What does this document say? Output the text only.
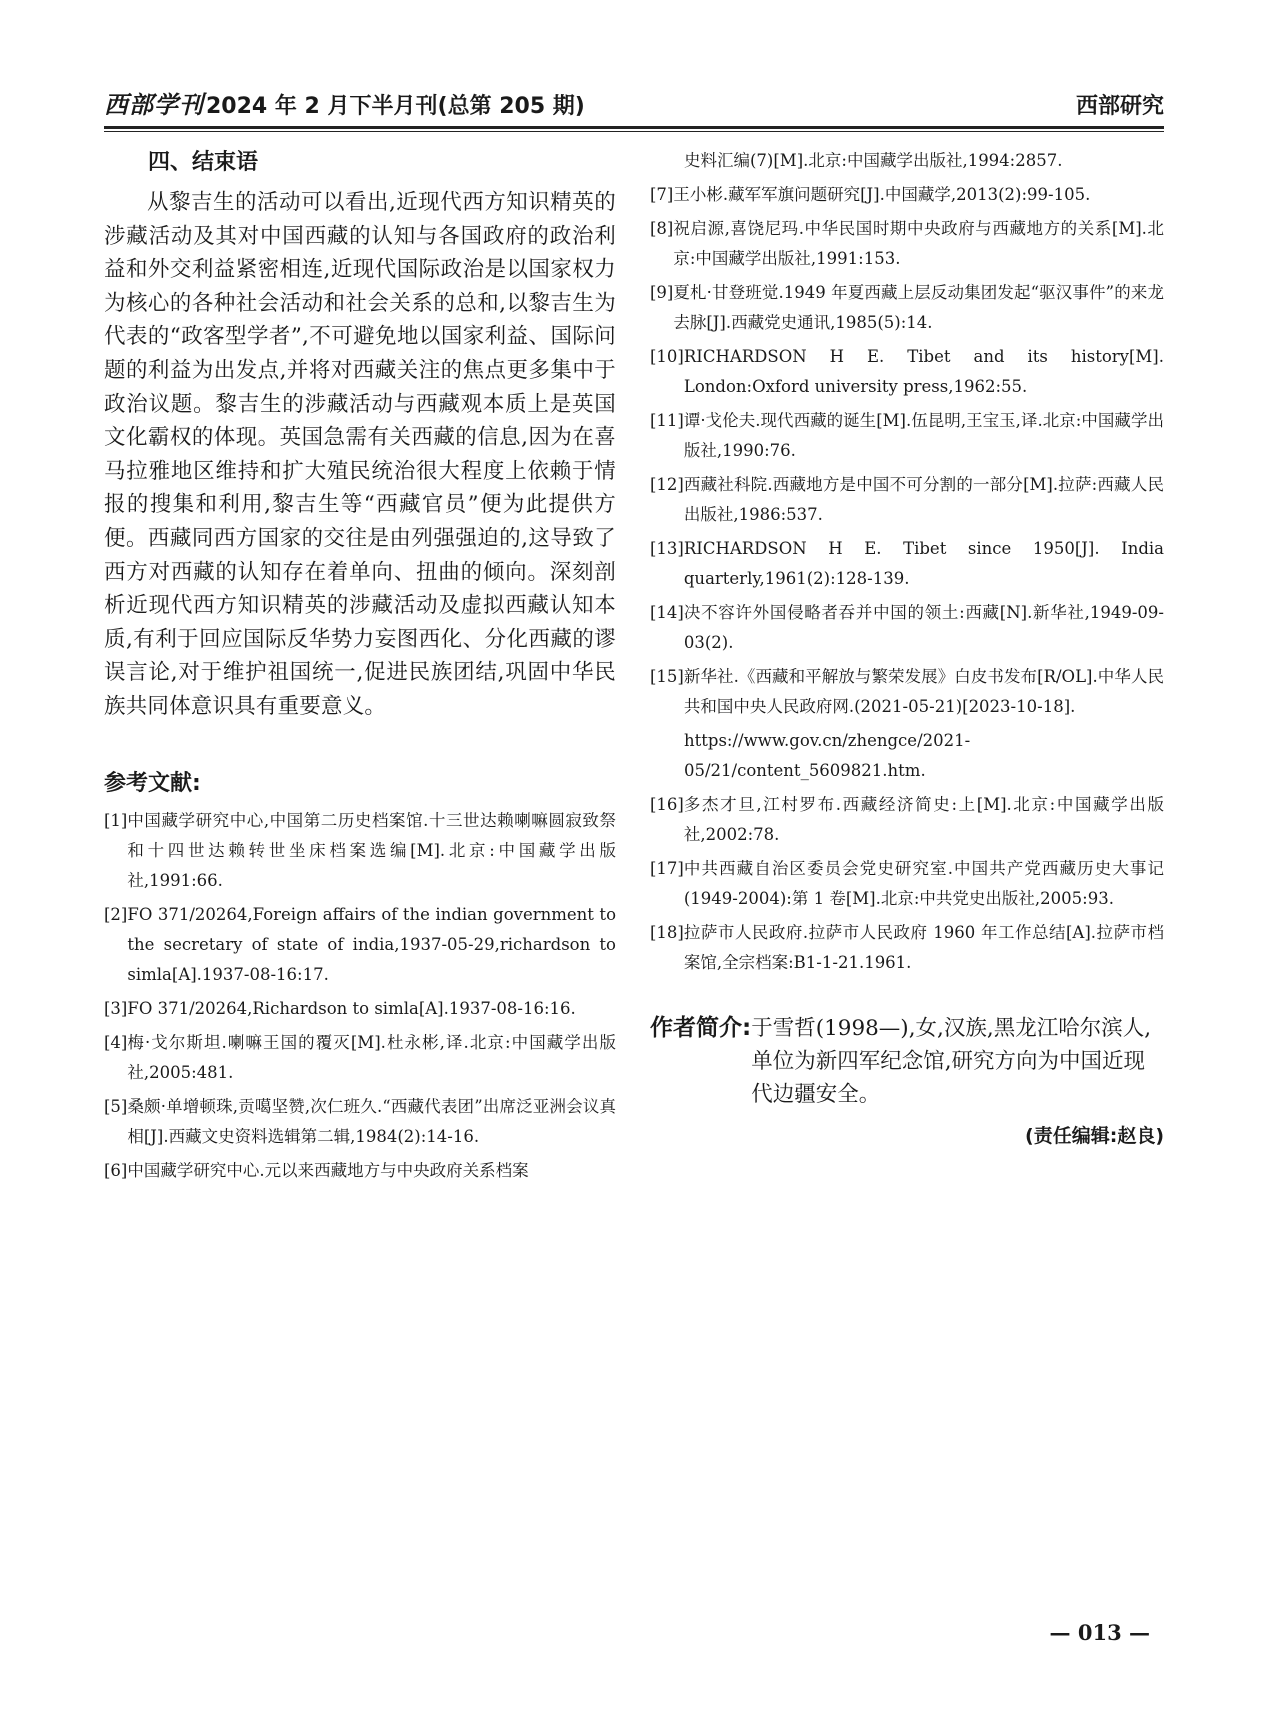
西部学刊 2024 年 2 月下半月刊(总第 205 期)	西部研究
四、结束语

从黎吉生的活动可以看出,近现代西方知识精英的涉藏活动及其对中国西藏的认知与各国政府的政治利益和外交利益紧密相连,近现代国际政治是以国家权力为核心的各种社会活动和社会关系的总和,以黎吉生为代表的“政客型学者”,不可避免地以国家利益、国际问题的利益为出发点,并将对西藏关注的焦点更多集中于政治议题。黎吉生的涉藏活动与西藏观本质上是英国文化霸权的体现。英国急需有关西藏的信息,因为在喜马拉雅地区维持和扩大殖民统治很大程度上依赖于情报的搜集和利用,黎吉生等“西藏官员”便为此提供方便。西藏同西方国家的交往是由列强强迫的,这导致了西方对西藏的认知存在着单向、扭曲的倾向。深刻剖析近现代西方知识精英的涉藏活动及虚拟西藏认知本质,有利于回应国际反华势力妄图西化、分化西藏的谬误言论,对于维护祖国统一,促进民族团结,巩固中华民族共同体意识具有重要意义。

参考文献:
[1] 中国藏学研究中心,中国第二历史档案馆.十三世达赖喇嘛圆寂致祭和十四世达赖转世坐床档案选编[M].北京:中国藏学出版社,1991:66.
[2] FO 371/20264,Foreign affairs of the indian government to the secretary of state of india,1937-05-29,richardson to simla[A].1937-08-16:17.
[3] FO 371/20264,Richardson to simla[A].1937-08-16:16.
[4] 梅·戈尔斯坦.喇嘛王国的覆灭[M].杜永彬,译.北京:中国藏学出版社,2005:481.
[5] 桑颇·单增顿珠,贡噶坚赞,次仁班久.“西藏代表团”出席泛亚洲会议真相[J].西藏文史资料选辑第二辑,1984(2):14-16.
[6] 中国藏学研究中心.元以来西藏地方与中央政府关系档案
史料汇编(7)[M].北京:中国藏学出版社,1994:2857.
[7] 王小彬.藏军军旗问题研究[J].中国藏学,2013(2):99-105.
[8] 祝启源,喜饶尼玛.中华民国时期中央政府与西藏地方的关系[M].北京:中国藏学出版社,1991:153.
[9] 夏札·甘登班觉.1949 年夏西藏上层反动集团发起“驱汉事件”的来龙去脉[J].西藏党史通讯,1985(5):14.
[10] RICHARDSON H E. Tibet and its history[M]. London:Oxford university press,1962:55.
[11] 谭·戈伦夫.现代西藏的诞生[M].伍昆明,王宝玉,译.北京:中国藏学出版社,1990:76.
[12] 西藏社科院.西藏地方是中国不可分割的一部分[M].拉萨:西藏人民出版社,1986:537.
[13] RICHARDSON H E. Tibet since 1950[J]. India quarterly,1961(2):128-139.
[14] 决不容许外国侵略者吞并中国的领土:西藏[N].新华社,1949-09-03(2).
[15] 新华社.《西藏和平解放与繁荣发展》白皮书发布[R/OL].中华人民共和国中央人民政府网.(2021-05-21)[2023-10-18].
https://www.gov.cn/zhengce/2021-05/21/content_5609821.htm.
[16] 多杰才旦,江村罗布.西藏经济简史:上[M].北京:中国藏学出版社,2002:78.
[17] 中共西藏自治区委员会党史研究室.中国共产党西藏历史大事记(1949-2004):第 1 卷[M].北京:中共党史出版社,2005:93.
[18] 拉萨市人民政府.拉萨市人民政府 1960 年工作总结[A].拉萨市档案馆,全宗档案:B1-1-21.1961.
作者简介: 于雪哲(1998—),女,汉族,黑龙江哈尔滨人,单位为新四军纪念馆,研究方向为中国近现代边疆安全。
(责任编辑:赵良)
— 013 —
